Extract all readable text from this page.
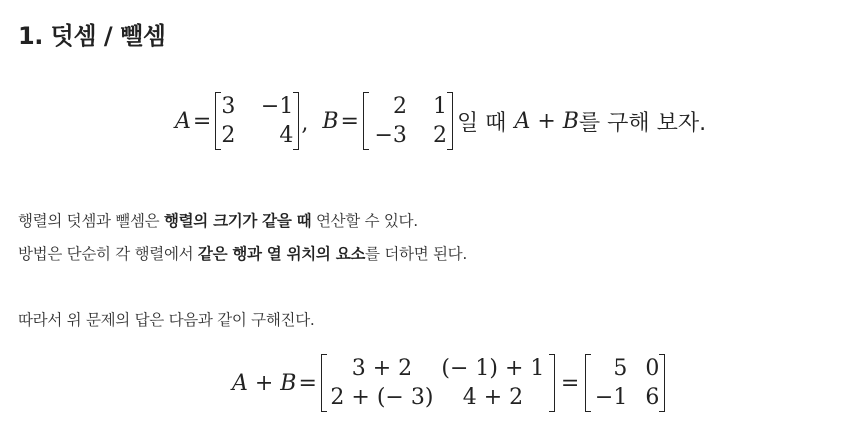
1. 덧셈 / 뺄셈
A =
3	−1
2	4 , B =
2	1
−3	2 일 때 A + B 를 구해 보자.

행렬의 덧셈과 뺄셈은 행렬의 크기가 같을 때 연산할 수 있다.

방법은 단순히 각 행렬에서 같은 행과 열 위치의 요소를 더하면 된다.

따라서 위 문제의 답은 다음과 같이 구해진다.

A + B =
3 + 2	(− 1) + 1
2 + (− 3)	4 + 2
=
5 0
−1 6
